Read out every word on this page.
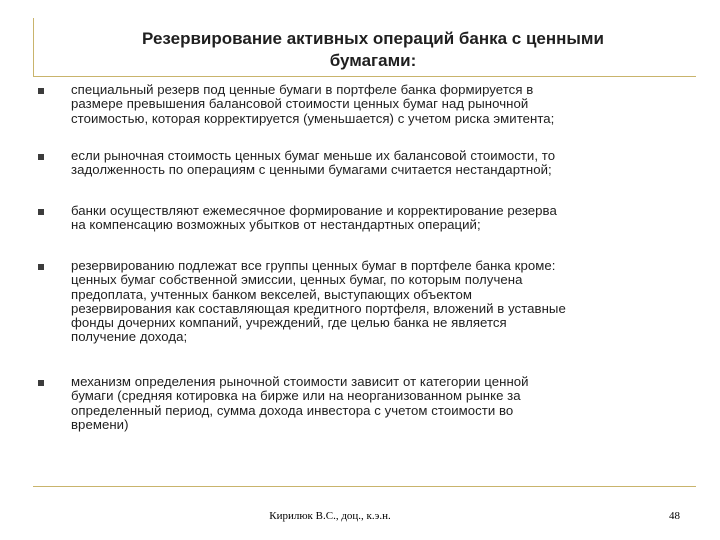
Резервирование активных операций банка с ценными
бумагами:
специальный резерв под ценные бумаги в портфеле банка формируется в
размере превышения балансовой стоимости ценных бумаг над рыночной
стоимостью, которая корректируется (уменьшается) с учетом риска эмитента;
если рыночная стоимость ценных бумаг меньше их балансовой стоимости, то
задолженность по операциям с ценными бумагами считается нестандартной;
банки осуществляют ежемесячное формирование и корректирование резерва
на компенсацию возможных убытков от нестандартных операций;
резервированию подлежат все группы ценных бумаг в портфеле банка кроме:
ценных бумаг собственной эмиссии, ценных бумаг, по которым получена
предоплата, учтенных банком векселей, выступающих объектом
резервирования как составляющая кредитного портфеля, вложений в уставные
фонды дочерних компаний, учреждений, где целью банка не является
получение дохода;
механизм определения рыночной стоимости зависит от категории ценной
бумаги (средняя котировка на бирже или на неорганизованном рынке за
определенный период, сумма дохода инвестора с учетом стоимости во
времени)
Кирилюк В.С., доц., к.э.н.	48
